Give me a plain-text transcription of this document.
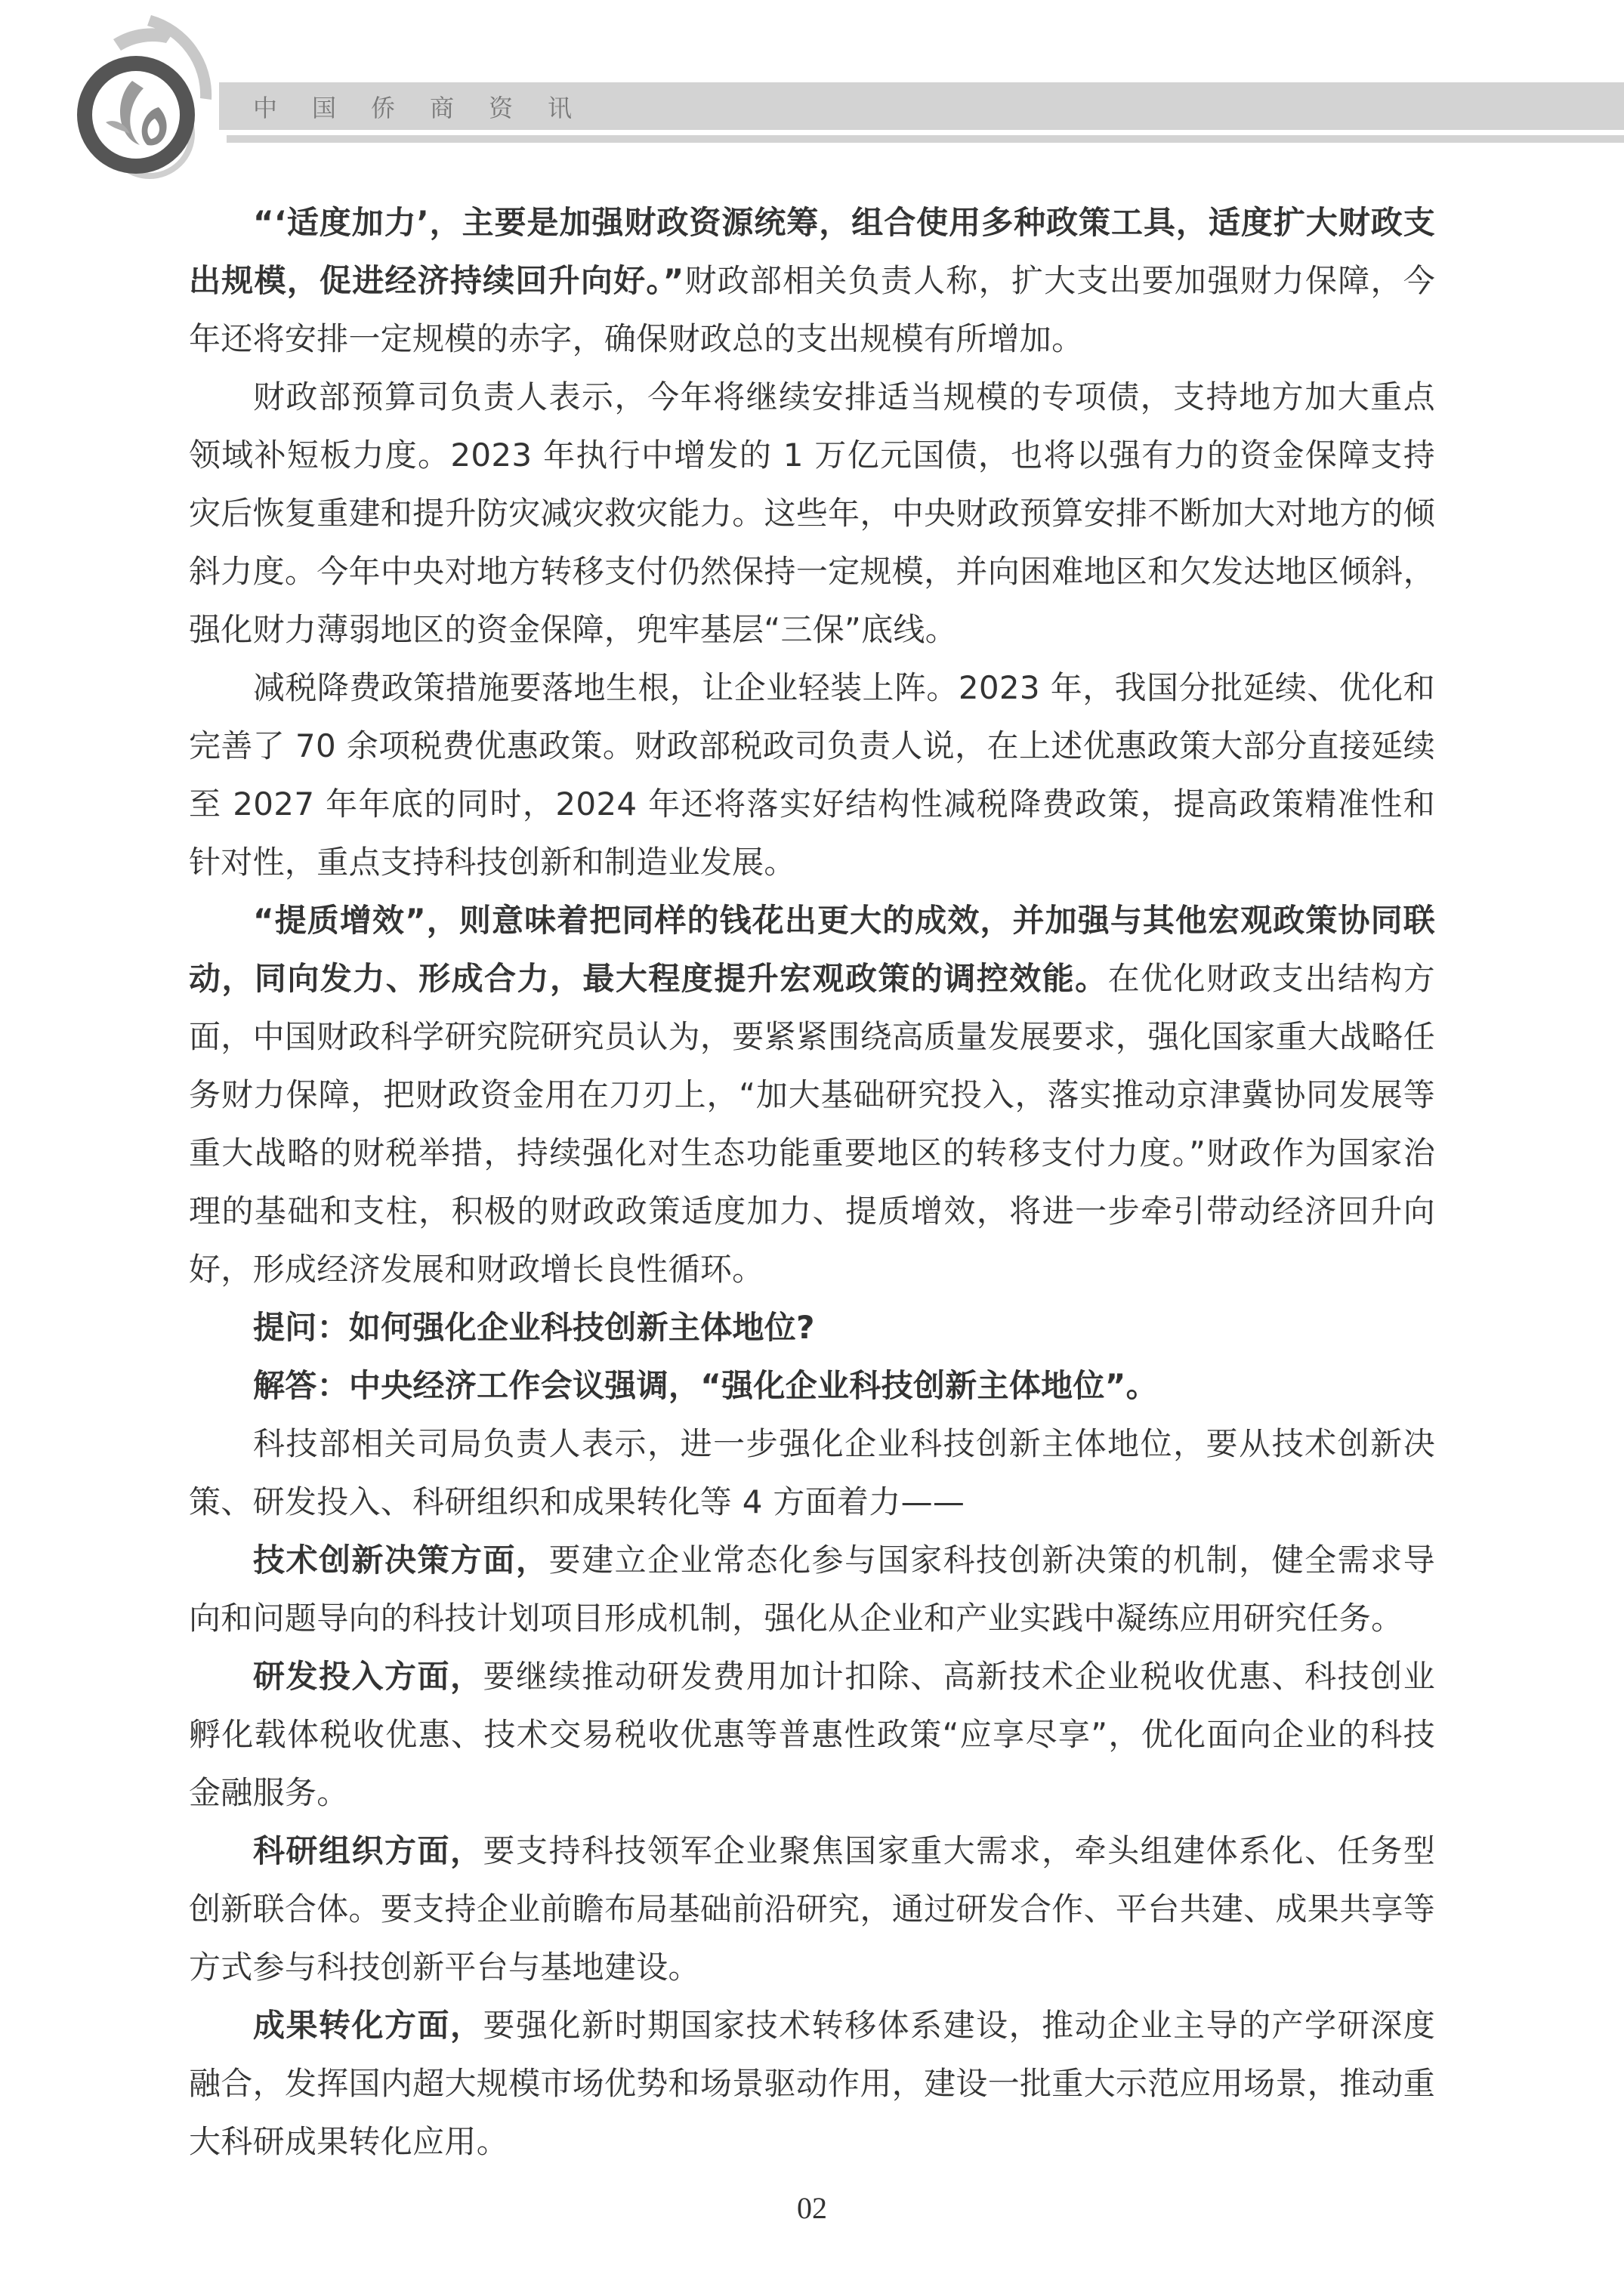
中国侨商资讯

“‘适度加力’，主要是加强财政资源统筹，组合使用多种政策工具，适度扩大财政支出规模，促进经济持续回升向好。”财政部相关负责人称，扩大支出要加强财力保障，今年还将安排一定规模的赤字，确保财政总的支出规模有所增加。

财政部预算司负责人表示，今年将继续安排适当规模的专项债，支持地方加大重点领域补短板力度。2023 年执行中增发的 1 万亿元国债，也将以强有力的资金保障支持灾后恢复重建和提升防灾减灾救灾能力。这些年，中央财政预算安排不断加大对地方的倾斜力度。今年中央对地方转移支付仍然保持一定规模，并向困难地区和欠发达地区倾斜，强化财力薄弱地区的资金保障，兜牢基层“三保”底线。

减税降费政策措施要落地生根，让企业轻装上阵。2023 年，我国分批延续、优化和完善了 70 余项税费优惠政策。财政部税政司负责人说，在上述优惠政策大部分直接延续至 2027 年年底的同时，2024 年还将落实好结构性减税降费政策，提高政策精准性和针对性，重点支持科技创新和制造业发展。

“提质增效”，则意味着把同样的钱花出更大的成效，并加强与其他宏观政策协同联动，同向发力、形成合力，最大程度提升宏观政策的调控效能。在优化财政支出结构方面，中国财政科学研究院研究员认为，要紧紧围绕高质量发展要求，强化国家重大战略任务财力保障，把财政资金用在刀刃上，“加大基础研究投入，落实推动京津冀协同发展等重大战略的财税举措，持续强化对生态功能重要地区的转移支付力度。”财政作为国家治理的基础和支柱，积极的财政政策适度加力、提质增效，将进一步牵引带动经济回升向好，形成经济发展和财政增长良性循环。

提问：如何强化企业科技创新主体地位?

解答：中央经济工作会议强调，“强化企业科技创新主体地位”。

科技部相关司局负责人表示，进一步强化企业科技创新主体地位，要从技术创新决策、研发投入、科研组织和成果转化等 4 方面着力——

技术创新决策方面，要建立企业常态化参与国家科技创新决策的机制，健全需求导向和问题导向的科技计划项目形成机制，强化从企业和产业实践中凝练应用研究任务。

研发投入方面，要继续推动研发费用加计扣除、高新技术企业税收优惠、科技创业孵化载体税收优惠、技术交易税收优惠等普惠性政策“应享尽享”，优化面向企业的科技金融服务。

科研组织方面，要支持科技领军企业聚焦国家重大需求，牵头组建体系化、任务型创新联合体。要支持企业前瞻布局基础前沿研究，通过研发合作、平台共建、成果共享等方式参与科技创新平台与基地建设。

成果转化方面，要强化新时期国家技术转移体系建设，推动企业主导的产学研深度融合，发挥国内超大规模市场优势和场景驱动作用，建设一批重大示范应用场景，推动重大科研成果转化应用。

02
